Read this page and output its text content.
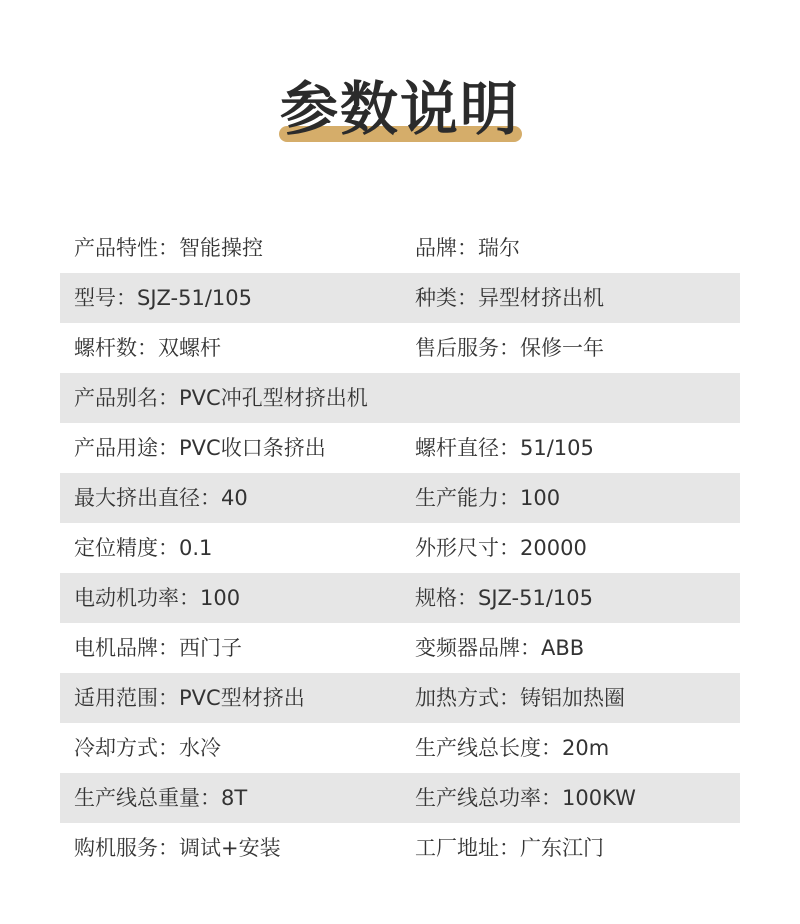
参数说明
产品特性：智能操控	品牌：瑞尔
型号：SJZ-51/105	种类：异型材挤出机
螺杆数：双螺杆	售后服务：保修一年
产品别名：PVC冲孔型材挤出机
产品用途：PVC收口条挤出	螺杆直径：51/105
最大挤出直径：40	生产能力：100
定位精度：0.1	外形尺寸：20000
电动机功率：100	规格：SJZ-51/105
电机品牌：西门子	变频器品牌：ABB
适用范围：PVC型材挤出	加热方式：铸铝加热圈
冷却方式：水冷	生产线总长度：20m
生产线总重量：8T	生产线总功率：100KW
购机服务：调试+安装	工厂地址：广东江门
